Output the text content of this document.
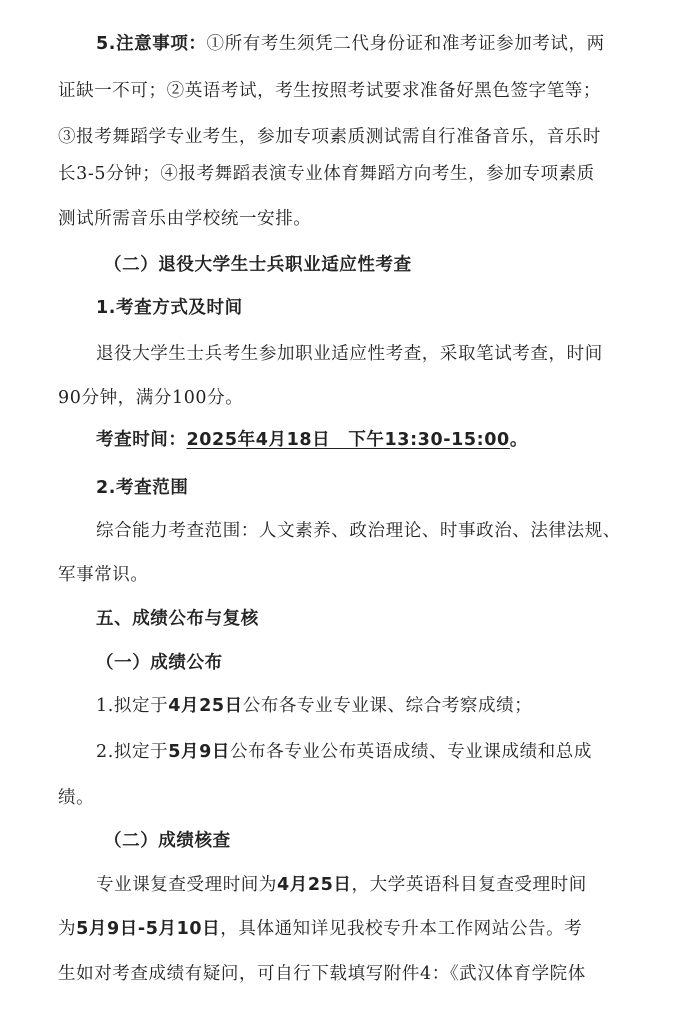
5.注意事项：①所有考生须凭二代身份证和准考证参加考试，两
证缺一不可；②英语考试，考生按照考试要求准备好黑色签字笔等；
③报考舞蹈学专业考生，参加专项素质测试需自行准备音乐，音乐时
长3-5分钟；④报考舞蹈表演专业体育舞蹈方向考生，参加专项素质
测试所需音乐由学校统一安排。
（二）退役大学生士兵职业适应性考查
1.考查方式及时间
退役大学生士兵考生参加职业适应性考查，采取笔试考查，时间
90分钟，满分100分。
考查时间：2025年4月18日　下午13:30-15:00。
2.考查范围
综合能力考查范围：人文素养、政治理论、时事政治、法律法规、
军事常识。
五、成绩公布与复核
（一）成绩公布
1.拟定于4月25日公布各专业专业课、综合考察成绩；
2.拟定于5月9日公布各专业公布英语成绩、专业课成绩和总成
绩。
（二）成绩核查
专业课复查受理时间为4月25日，大学英语科目复查受理时间
为5月9日-5月10日，具体通知详见我校专升本工作网站公告。考
生如对考查成绩有疑问，可自行下载填写附件4：《武汉体育学院体
